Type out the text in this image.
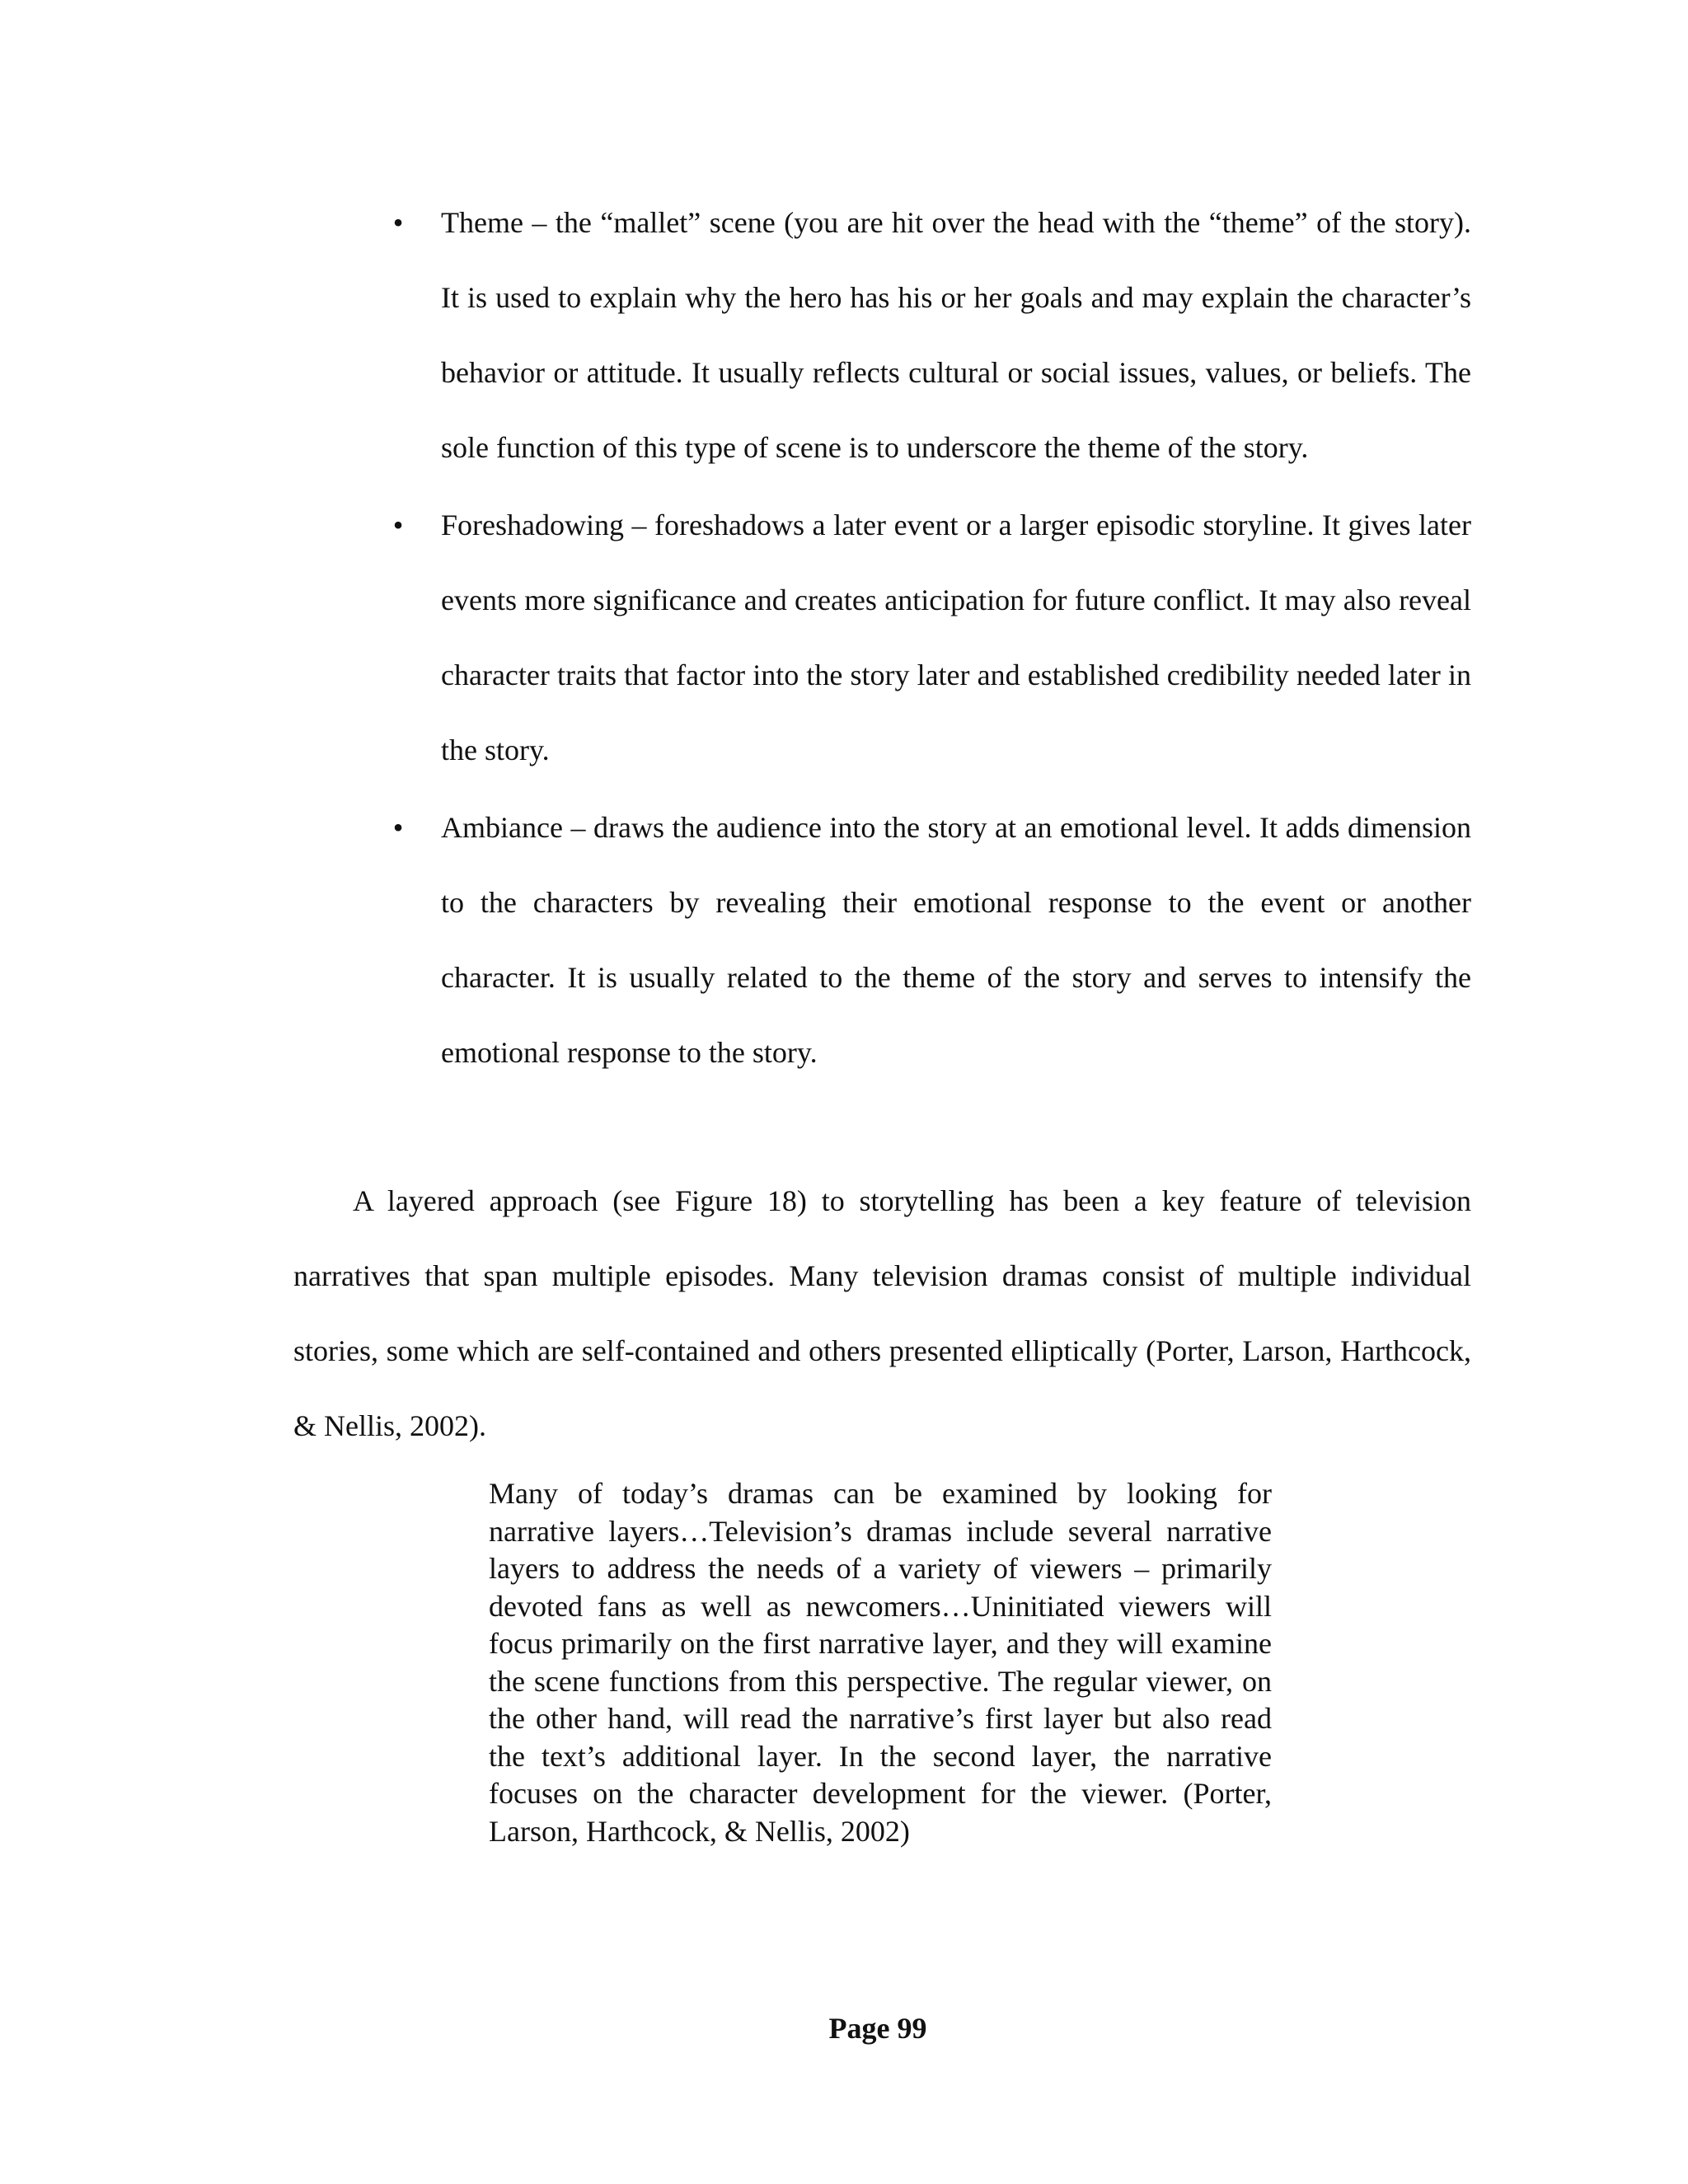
• Theme – the “mallet” scene (you are hit over the head with the “theme” of the story). It is used to explain why the hero has his or her goals and may explain the character’s behavior or attitude. It usually reflects cultural or social issues, values, or beliefs. The sole function of this type of scene is to underscore the theme of the story.
• Foreshadowing – foreshadows a later event or a larger episodic storyline. It gives later events more significance and creates anticipation for future conflict. It may also reveal character traits that factor into the story later and established credibility needed later in the story.
• Ambiance – draws the audience into the story at an emotional level. It adds dimension to the characters by revealing their emotional response to the event or another character. It is usually related to the theme of the story and serves to intensify the emotional response to the story.

A layered approach (see Figure 18) to storytelling has been a key feature of television narratives that span multiple episodes. Many television dramas consist of multiple individual stories, some which are self-contained and others presented elliptically (Porter, Larson, Harthcock, & Nellis, 2002).

Many of today’s dramas can be examined by looking for narrative layers…Television’s dramas include several narrative layers to address the needs of a variety of viewers – primarily devoted fans as well as newcomers…Uninitiated viewers will focus primarily on the first narrative layer, and they will examine the scene functions from this perspective. The regular viewer, on the other hand, will read the narrative’s first layer but also read the text’s additional layer. In the second layer, the narrative focuses on the character development for the viewer. (Porter, Larson, Harthcock, & Nellis, 2002)
Page 99
